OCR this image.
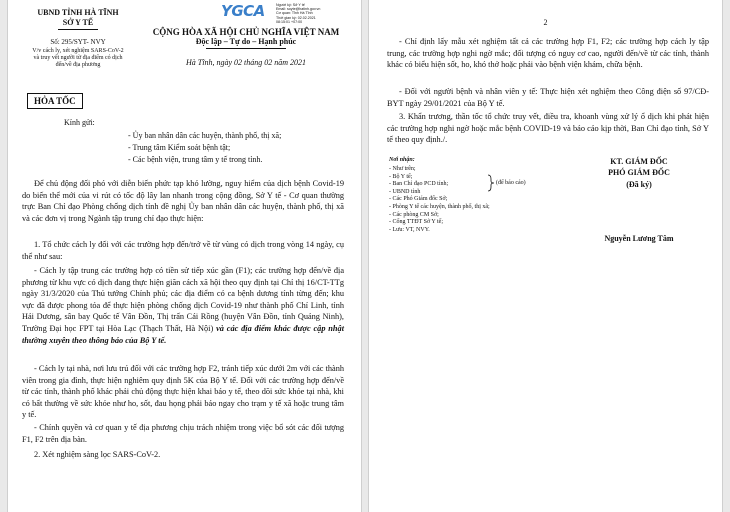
UBND TỈNH HÀ TĨNH
SỞ Y TẾ
Số: 295/SYT- NVY
V/v cách ly, xét nghiệm SARS-CoV-2
và truy vết người từ địa điểm có dịch
đến/về địa phương
YGCA	Người ký: Sở Y tế
Email: soyte@hatinh.gov.vn
Cơ quan: Tỉnh Hà Tĩnh
Thời gian ký: 02.02.2021
08:15:01 +07:00
CỘNG HÒA XÃ HỘI CHỦ NGHĨA VIỆT NAM
Độc lập – Tự do – Hạnh phúc
Hà Tĩnh, ngày 02 tháng 02 năm 2021
HỎA TỐC
Kính gửi:
- Ủy ban nhân dân các huyện, thành phố, thị xã;
- Trung tâm Kiểm soát bệnh tật;
- Các bệnh viện, trung tâm y tế trong tỉnh.
Để chủ động đối phó với diễn biến phức tạp khó lường, nguy hiểm của dịch bệnh Covid-19 do biến thể mới của vi rút có tốc độ lây lan nhanh trong cộng đồng, Sở Y tế - Cơ quan thường trực Ban Chỉ đạo Phòng chống dịch tỉnh đề nghị Ủy ban nhân dân các huyện, thành phố, thị xã và các đơn vị trong Ngành tập trung chỉ đạo thực hiện:
1. Tổ chức cách ly đối với các trường hợp đến/trở về từ vùng có dịch trong vòng 14 ngày, cụ thể như sau:
- Cách ly tập trung các trường hợp có tiền sử tiếp xúc gần (F1); các trường hợp đến/về địa phương từ khu vực có dịch đang thực hiện giãn cách xã hội theo quy định tại Chỉ thị 16/CT-TTg ngày 31/3/2020 của Thủ tướng Chính phủ; các địa điểm có ca bệnh dương tính từng đến; khu vực đã được phong tỏa để thực hiện phòng chống dịch Covid-19 như thành phố Chí Linh, tỉnh Hải Dương, sân bay Quốc tế Vân Đồn, Thị trấn Cái Rồng (huyện Vân Đồn, tỉnh Quảng Ninh), Trường Đại học FPT tại Hòa Lạc (Thạch Thất, Hà Nội) và các địa điểm khác được cập nhật thường xuyên theo thông báo của Bộ Y tế.
- Cách ly tại nhà, nơi lưu trú đối với các trường hợp F2, tránh tiếp xúc dưới 2m với các thành viên trong gia đình, thực hiện nghiêm quy định 5K của Bộ Y tế. Đối với các trường hợp đến/về từ các tỉnh, thành phố khác phải chủ động thực hiện khai báo y tế, theo dõi sức khỏe tại nhà, khi có bất thường về sức khỏe như ho, sốt, đau họng phải báo ngay cho trạm y tế xã hoặc trung tâm y tế.
- Chính quyền và cơ quan y tế địa phương chịu trách nhiệm trong việc bổ sót các đối tượng F1, F2 trên địa bàn.
2. Xét nghiệm sàng lọc SARS-CoV-2.
2
- Chỉ định lấy mẫu xét nghiệm tất cả các trường hợp F1, F2; các trường hợp cách ly tập trung, các trường hợp nghi ngờ mắc; đối tượng có nguy cơ cao, người đến/về từ các tỉnh, thành khác có biểu hiện sốt, ho, khó thở hoặc phải vào bệnh viện khám, chữa bệnh.
- Đối với người bệnh và nhân viên y tế: Thực hiện xét nghiệm theo Công điện số 97/CĐ-BYT ngày 29/01/2021 của Bộ Y tế.
3. Khẩn trương, thần tốc tổ chức truy vết, điều tra, khoanh vùng xử lý ổ dịch khi phát hiện các trường hợp nghi ngờ hoặc mắc bệnh COVID-19 và báo cáo kịp thời, Ban Chỉ đạo tỉnh, Sở Y tế theo quy định./.
Nơi nhận:
- Như trên;
- Bộ Y tế;
- Ban Chỉ đạo PCD tỉnh;
- UBND tỉnh
- Các Phó Giám đốc Sở;
- Phòng Y tế các huyện, thành phố, thị xã;
- Các phòng CM Sở;
- Cổng TTĐT Sở Y tế;
- Lưu: VT, NVY.
(để báo cáo)
KT. GIÁM ĐỐC
PHÓ GIÁM ĐỐC
(Đã ký)
Nguyễn Lương Tâm
